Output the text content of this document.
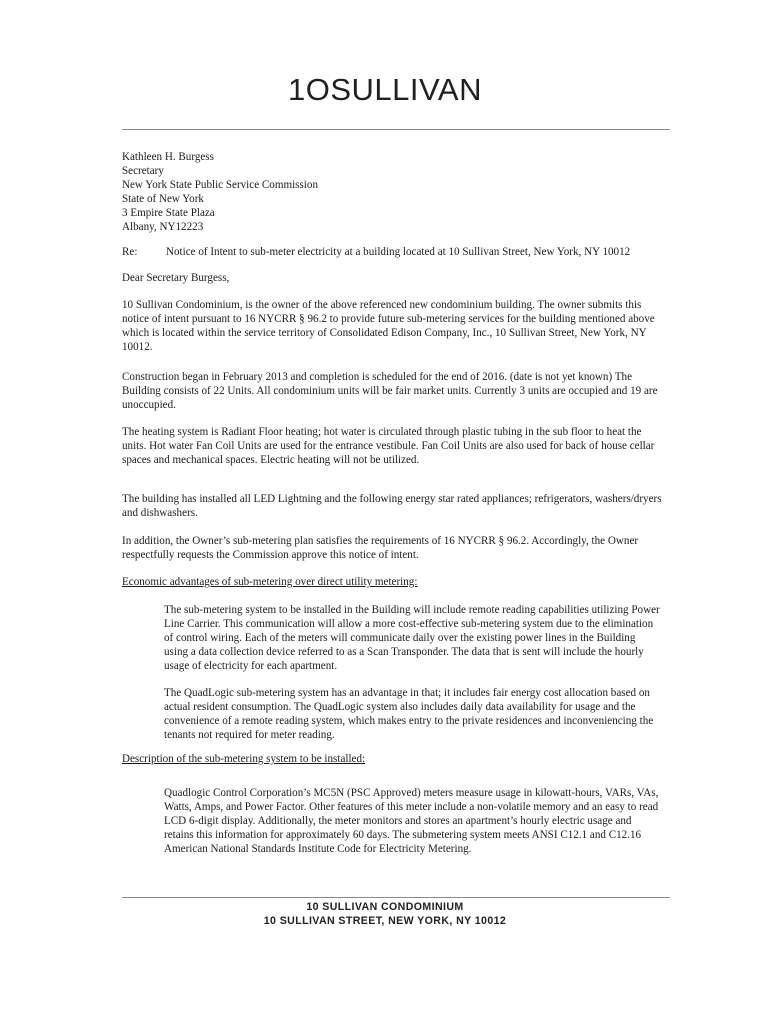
1OSULLIVAN
Kathleen H. Burgess
Secretary
New York State Public Service Commission
State of New York
3 Empire State Plaza
Albany, NY12223
Re:	Notice of Intent to sub-meter electricity at a building located at 10 Sullivan Street, New York, NY 10012
Dear Secretary Burgess,

10 Sullivan Condominium, is the owner of the above referenced new condominium building. The owner submits this notice of intent pursuant to 16 NYCRR § 96.2 to provide future sub-metering services for the building mentioned above which is located within the service territory of Consolidated Edison Company, Inc., 10 Sullivan Street, New York, NY 10012.

Construction began in February 2013 and completion is scheduled for the end of 2016. (date is not yet known) The Building consists of 22 Units. All condominium units will be fair market units. Currently 3 units are occupied and 19 are unoccupied.

The heating system is Radiant Floor heating; hot water is circulated through plastic tubing in the sub floor to heat the units. Hot water Fan Coil Units are used for the entrance vestibule. Fan Coil Units are also used for back of house cellar spaces and mechanical spaces. Electric heating will not be utilized.

The building has installed all LED Lightning and the following energy star rated appliances; refrigerators, washers/dryers and dishwashers.

In addition, the Owner’s sub-metering plan satisfies the requirements of 16 NYCRR § 96.2. Accordingly, the Owner respectfully requests the Commission approve this notice of intent.

Economic advantages of sub-metering over direct utility metering:

The sub-metering system to be installed in the Building will include remote reading capabilities utilizing Power Line Carrier. This communication will allow a more cost-effective sub-metering system due to the elimination of control wiring. Each of the meters will communicate daily over the existing power lines in the Building using a data collection device referred to as a Scan Transponder. The data that is sent will include the hourly usage of electricity for each apartment.

The QuadLogic sub-metering system has an advantage in that; it includes fair energy cost allocation based on actual resident consumption. The QuadLogic system also includes daily data availability for usage and the convenience of a remote reading system, which makes entry to the private residences and inconveniencing the tenants not required for meter reading.

Description of the sub-metering system to be installed:

Quadlogic Control Corporation’s MC5N (PSC Approved) meters measure usage in kilowatt-hours, VARs, VAs, Watts, Amps, and Power Factor. Other features of this meter include a non-volatile memory and an easy to read LCD 6-digit display. Additionally, the meter monitors and stores an apartment’s hourly electric usage and retains this information for approximately 60 days. The submetering system meets ANSI C12.1 and C12.16 American National Standards Institute Code for Electricity Metering.

10 SULLIVAN CONDOMINIUM
10 SULLIVAN STREET, NEW YORK, NY 10012
